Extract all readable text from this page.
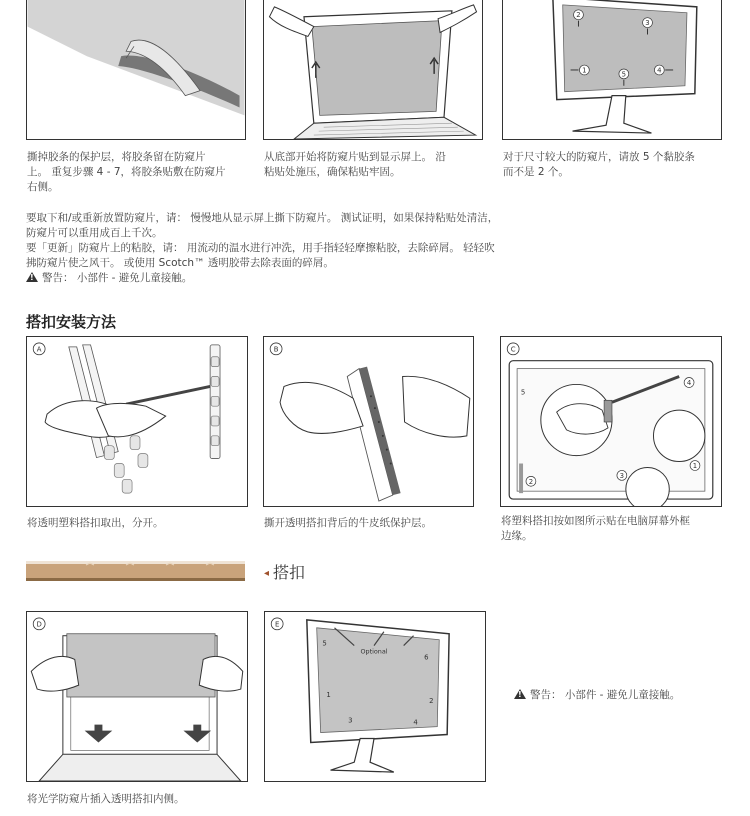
2
3
1	5	4
撕掉胶条的保护层，将胶条留在防窥片
上。 重复步骤 4 - 7，将胶条贴敷在防窥片
右侧。
从底部开始将防窥片贴到显示屏上。 沿
粘贴处施压，确保粘贴牢固。
对于尺寸较大的防窥片，请放 5 个黏胶条
而不是 2 个。
要取下和/或重新放置防窥片，请： 慢慢地从显示屏上撕下防窥片。 测试证明，如果保持粘贴处清洁，
防窥片可以重用成百上千次。
要「更新」防窥片上的粘胶，请： 用流动的温水进行冲洗，用手指轻轻摩擦粘胶，去除碎屑。 轻轻吹
拂防窥片使之风干。 或使用 Scotch™ 透明胶带去除表面的碎屑。
!警告： 小部件 - 避免儿童接触。
搭扣安装方法
A	B	C
5
4
2
3
1
将透明塑料搭扣取出，分开。	撕开透明搭扣背后的牛皮纸保护层。	将塑料搭扣按如图所示贴在电脑屏幕外框
边缘。
◂ 搭扣
D	E
5
6
1
2
3	4
Optional
!警告： 小部件 - 避免儿童接触。
将光学防窥片插入透明搭扣内侧。
